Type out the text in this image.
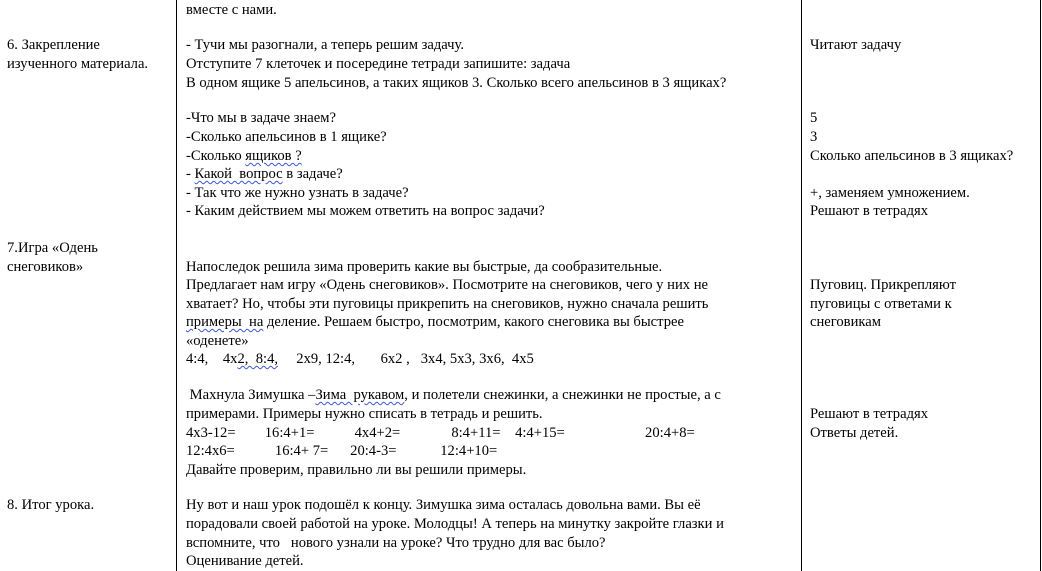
6. Закрепление изученного материала.
7.Игра «Одень снеговиков»
8. Итог урока.
вместе с нами.
- Тучи мы разогнали, а теперь решим задачу.
Отступите 7 клеточек и посередине тетради запишите: задача
В одном ящике 5 апельсинов, а таких ящиков 3. Сколько всего апельсинов в 3 ящиках?
-Что мы в задаче знаем?
-Сколько апельсинов в 1 ящике?
-Сколько ящиков ?
- Какой  вопрос в задаче?
- Так что же нужно узнать в задаче?
- Каким действием мы можем ответить на вопрос задачи?
Напоследок решила зима проверить какие вы быстрые, да сообразительные.
Предлагает нам игру «Одень снеговиков». Посмотрите на снеговиков, чего у них не
хватает? Но, чтобы эти пуговицы прикрепить на снеговиков, нужно сначала решить
примеры  на деление. Решаем быстро, посмотрим, какого снеговика вы быстрее
«оденете»
4:4,    4х2,  8:4,     2х9, 12:4,       6х2 ,   3х4, 5х3, 3х6,  4х5
Махнула Зимушка –Зима  рукавом, и полетели снежинки, а снежинки не простые, а с
примерами. Примеры нужно списать в тетрадь и решить.
4х3-12=        16:4+1=           4х4+2=              8:4+11=    4:4+15=                      20:4+8=
12:4х6=           16:4+ 7=      20:4-3=            12:4+10=
Давайте проверим, правильно ли вы решили примеры.
Ну вот и наш урок подошёл к концу. Зимушка зима осталась довольна вами. Вы её
порадовали своей работой на уроке. Молодцы! А теперь на минутку закройте глазки и
вспомните, что   нового узнали на уроке? Что трудно для вас было?
Оценивание детей.
Читают задачу
5
3
Сколько апельсинов в 3 ящиках?
+, заменяем умножением.
Решают в тетрадях
Пуговиц. Прикрепляют пуговицы с ответами к снеговикам
Решают в тетрадях
Ответы детей.
